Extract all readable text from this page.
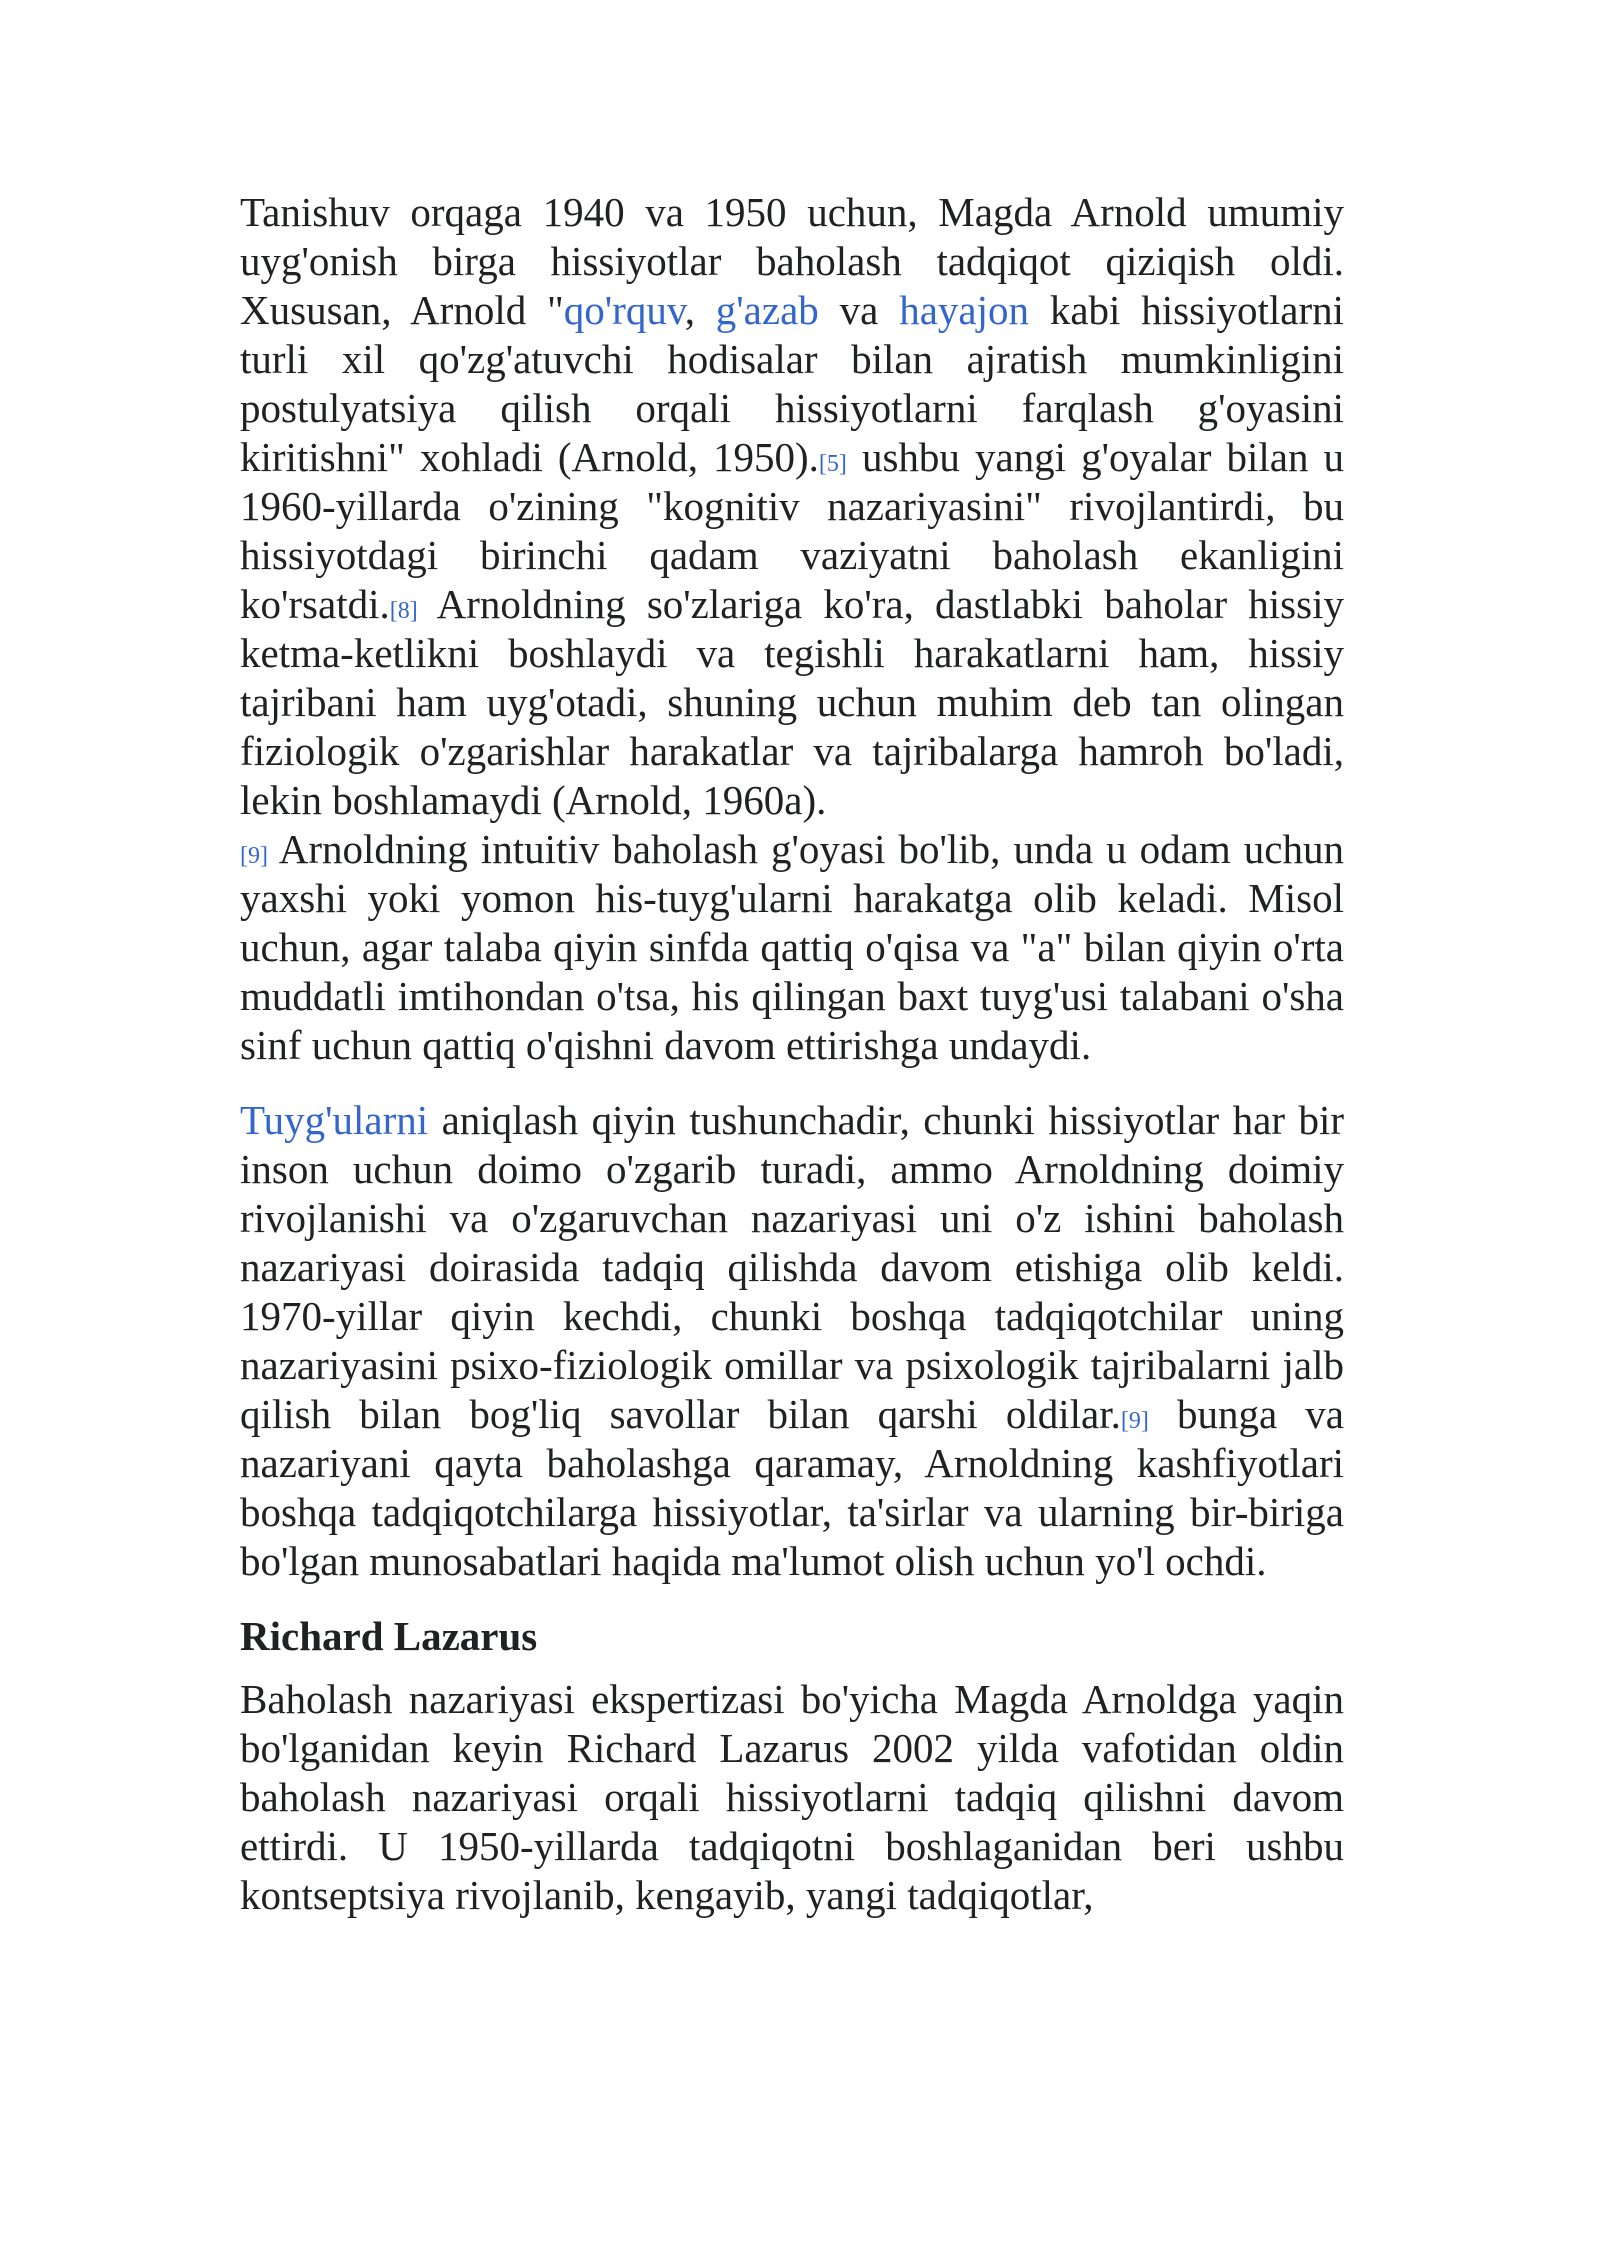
Tanishuv orqaga 1940 va 1950 uchun, Magda Arnold umumiy uyg'onish birga hissiyotlar baholash tadqiqot qiziqish oldi. Xususan, Arnold "qo'rquv, g'azab va hayajon kabi hissiyotlarni turli xil qo'zg'atuvchi hodisalar bilan ajratish mumkinligini postulyatsiya qilish orqali hissiyotlarni farqlash g'oyasini kiritishni" xohladi (Arnold, 1950).[5] ushbu yangi g'oyalar bilan u 1960-yillarda o'zining "kognitiv nazariyasini" rivojlantirdi, bu hissiyotdagi birinchi qadam vaziyatni baholash ekanligini ko'rsatdi.[8] Arnoldning so'zlariga ko'ra, dastlabki baholar hissiy ketma-ketlikni boshlaydi va tegishli harakatlarni ham, hissiy tajribani ham uyg'otadi, shuning uchun muhim deb tan olingan fiziologik o'zgarishlar harakatlar va tajribalarga hamroh bo'ladi, lekin boshlamaydi (Arnold, 1960a).
[9] Arnoldning intuitiv baholash g'oyasi bo'lib, unda u odam uchun yaxshi yoki yomon his-tuyg'ularni harakatga olib keladi. Misol uchun, agar talaba qiyin sinfda qattiq o'qisa va "a" bilan qiyin o'rta muddatli imtihondan o'tsa, his qilingan baxt tuyg'usi talabani o'sha sinf uchun qattiq o'qishni davom ettirishga undaydi.

Tuyg'ularni aniqlash qiyin tushunchadir, chunki hissiyotlar har bir inson uchun doimo o'zgarib turadi, ammo Arnoldning doimiy rivojlanishi va o'zgaruvchan nazariyasi uni o'z ishini baholash nazariyasi doirasida tadqiq qilishda davom etishiga olib keldi. 1970-yillar qiyin kechdi, chunki boshqa tadqiqotchilar uning nazariyasini psixo-fiziologik omillar va psixologik tajribalarni jalb qilish bilan bog'liq savollar bilan qarshi oldilar.[9] bunga va nazariyani qayta baholashga qaramay, Arnoldning kashfiyotlari boshqa tadqiqotchilarga hissiyotlar, ta'sirlar va ularning bir-biriga bo'lgan munosabatlari haqida ma'lumot olish uchun yo'l ochdi.

Richard Lazarus

Baholash nazariyasi ekspertizasi bo'yicha Magda Arnoldga yaqin bo'lganidan keyin Richard Lazarus 2002 yilda vafotidan oldin baholash nazariyasi orqali hissiyotlarni tadqiq qilishni davom ettirdi. U 1950-yillarda tadqiqotni boshlaganidan beri ushbu kontseptsiya rivojlanib, kengayib, yangi tadqiqotlar,
